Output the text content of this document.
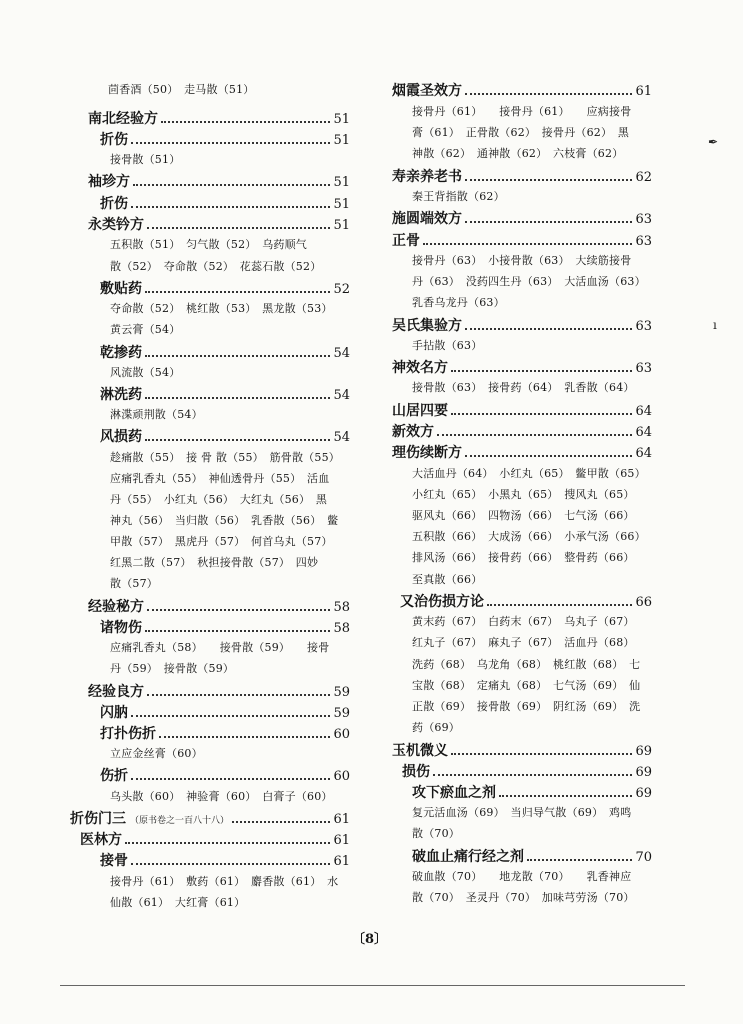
茴香酒（50）　走马散（51）
南北经验方	51
折伤	51
接骨散（51）
袖珍方	51
折伤	51
永类钤方	51
五积散（51）　匀气散（52）　乌药顺气
散（52）　夺命散（52）　花蕊石散（52）
敷贴药	52
夺命散（52）　桃红散（53）　黑龙散（53）
黄云膏（54）
乾掺药	54
风流散（54）
淋洗药	54
淋渫顽荆散（54）
风损药	54
趁痛散（55）　接 骨 散（55）　筋骨散（55）
应痛乳香丸（55）　神仙透骨丹（55）　活血
丹（55）　小红丸（56）　大红丸（56）　黑
神丸（56）　当归散（56）　乳香散（56）　鳖
甲散（57）　黑虎丹（57）　何首乌丸（57）
红黑二散（57）　秋担接骨散（57）　四妙
散（57）
经验秘方	58
诸物伤	58
应痛乳香丸（58）　　接骨散（59）　　接骨
丹（59）　接骨散（59）
经验良方	59
闪肭	59
打扑伤折	60
立应金丝膏（60）
伤折	60
乌头散（60）　神验膏（60）　白膏子（60）
折伤门三 （原书卷之一百八十八）	61
医林方	61
接骨	61
接骨丹（61）　敷药（61）　麝香散（61）　水
仙散（61）　大红膏（61）
烟霞圣效方	61
接骨丹（61）　　接骨丹（61）　　应病接骨
膏（61）　正骨散（62）　接骨丹（62）　黑
神散（62）　通神散（62）　六枝膏（62）
寿亲养老书	62
秦王背指散（62）
施圆端效方	63
正骨	63
接骨丹（63）　小接骨散（63）　大续筋接骨
丹（63）　没药四生丹（63）　大活血汤（63）
乳香乌龙丹（63）
吴氏集验方	63
手拈散（63）
神效名方	63
接骨散（63）　接骨药（64）　乳香散（64）
山居四要	64
新效方	64
理伤续断方	64
大活血丹（64）　小红丸（65）　鳖甲散（65）
小红丸（65）　小黑丸（65）　搜风丸（65）
驱风丸（66）　四物汤（66）　七气汤（66）
五积散（66）　大成汤（66）　小承气汤（66）
排风汤（66）　接骨药（66）　整骨药（66）
至真散（66）
又治伤损方论	66
黄末药（67）　白药末（67）　乌丸子（67）
红丸子（67）　麻丸子（67）　活血丹（68）
洗药（68）　乌龙角（68）　桃红散（68）　七
宝散（68）　定痛丸（68）　七气汤（69）　仙
正散（69）　接骨散（69）　阴红汤（69）　洗
药（69）
玉机微义	69
损伤	69
攻下瘀血之剂	69
复元活血汤（69）　当归导气散（69）　鸡鸣
散（70）
破血止痛行经之剂	70
破血散（70）　　地龙散（70）　　乳香神应
散（70）　圣灵丹（70）　加味芎劳汤（70）
〔8〕
✒
ı
